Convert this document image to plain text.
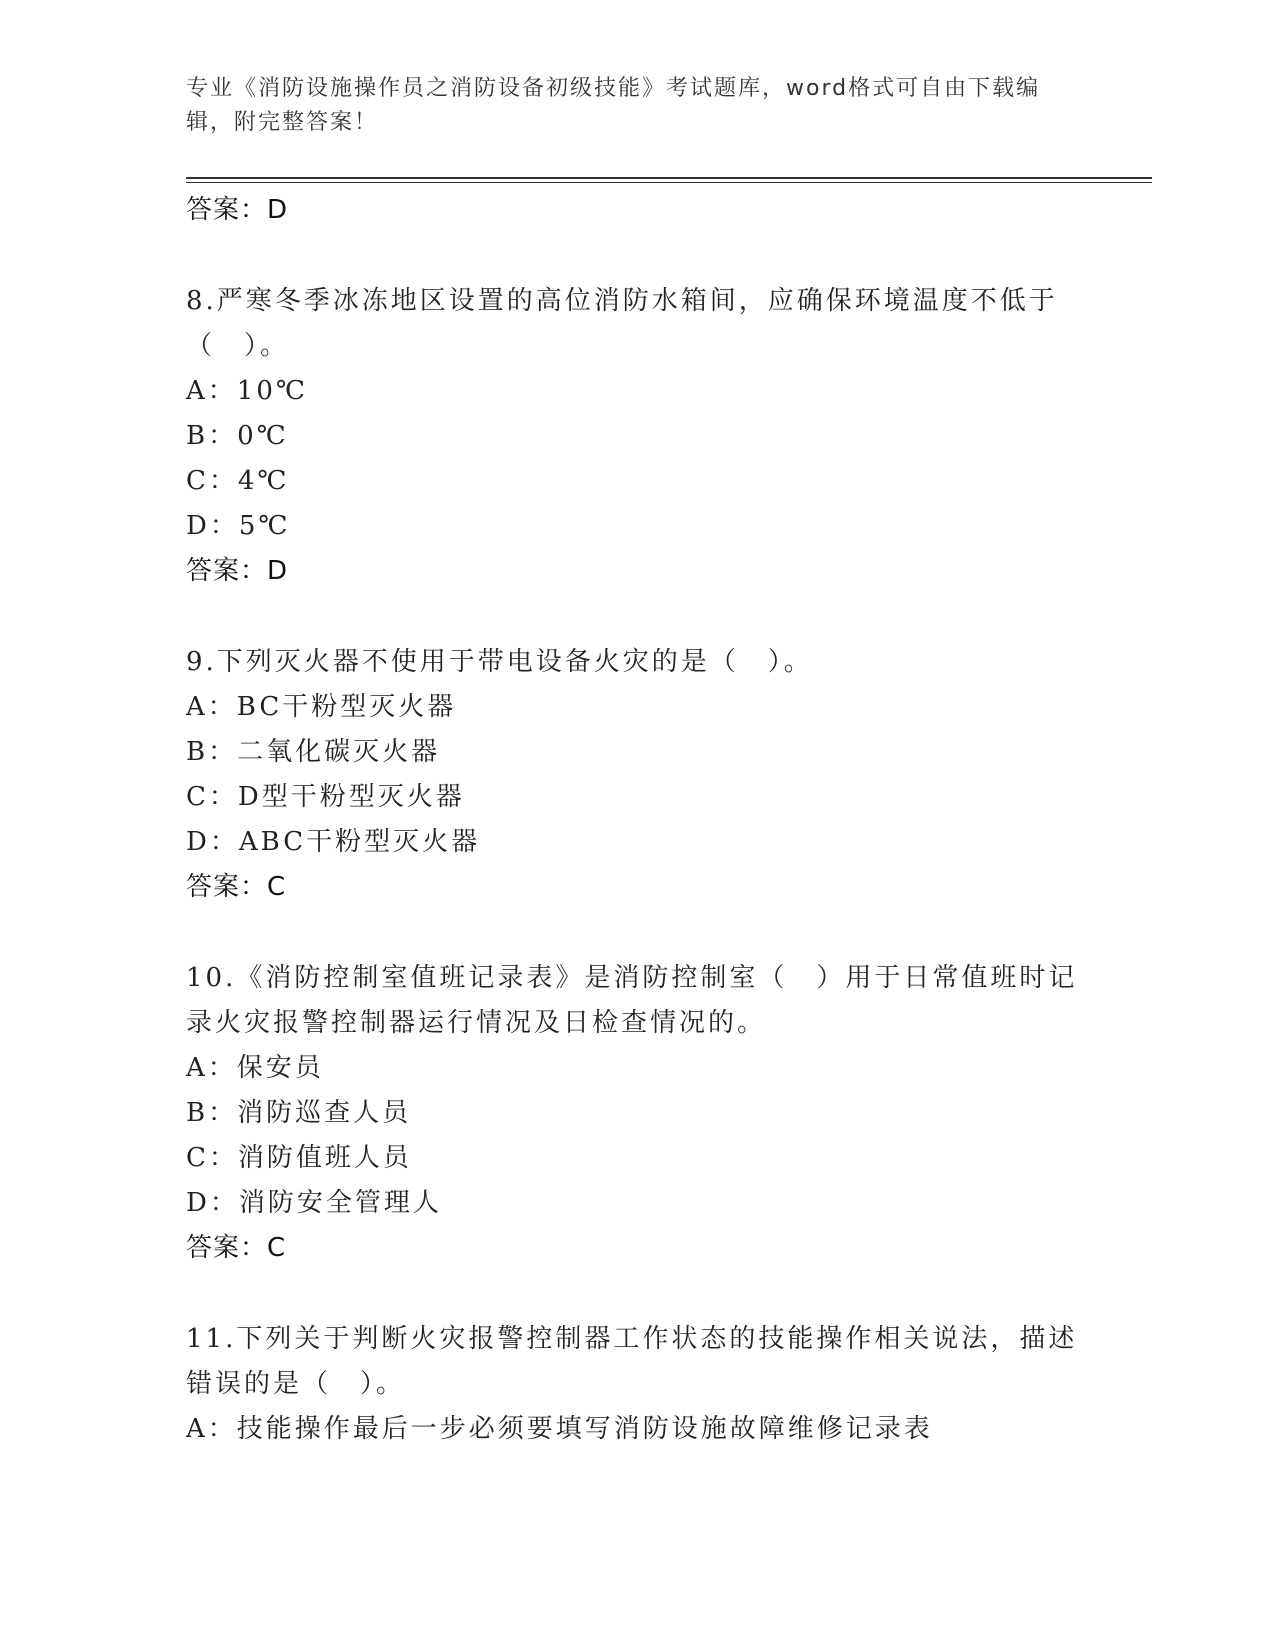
专业《消防设施操作员之消防设备初级技能》考试题库，word格式可自由下载编
辑，附完整答案！
答案：D
8.严寒冬季冰冻地区设置的高位消防水箱间，应确保环境温度不低于
（　）。
A：10℃
B：0℃
C：4℃
D：5℃
答案：D
9.下列灭火器不使用于带电设备火灾的是（　）。
A：BC干粉型灭火器
B：二氧化碳灭火器
C：D型干粉型灭火器
D：ABC干粉型灭火器
答案：C
10.《消防控制室值班记录表》是消防控制室（　）用于日常值班时记
录火灾报警控制器运行情况及日检查情况的。
A：保安员
B：消防巡查人员
C：消防值班人员
D：消防安全管理人
答案：C
11.下列关于判断火灾报警控制器工作状态的技能操作相关说法，描述
错误的是（　）。
A：技能操作最后一步必须要填写消防设施故障维修记录表
